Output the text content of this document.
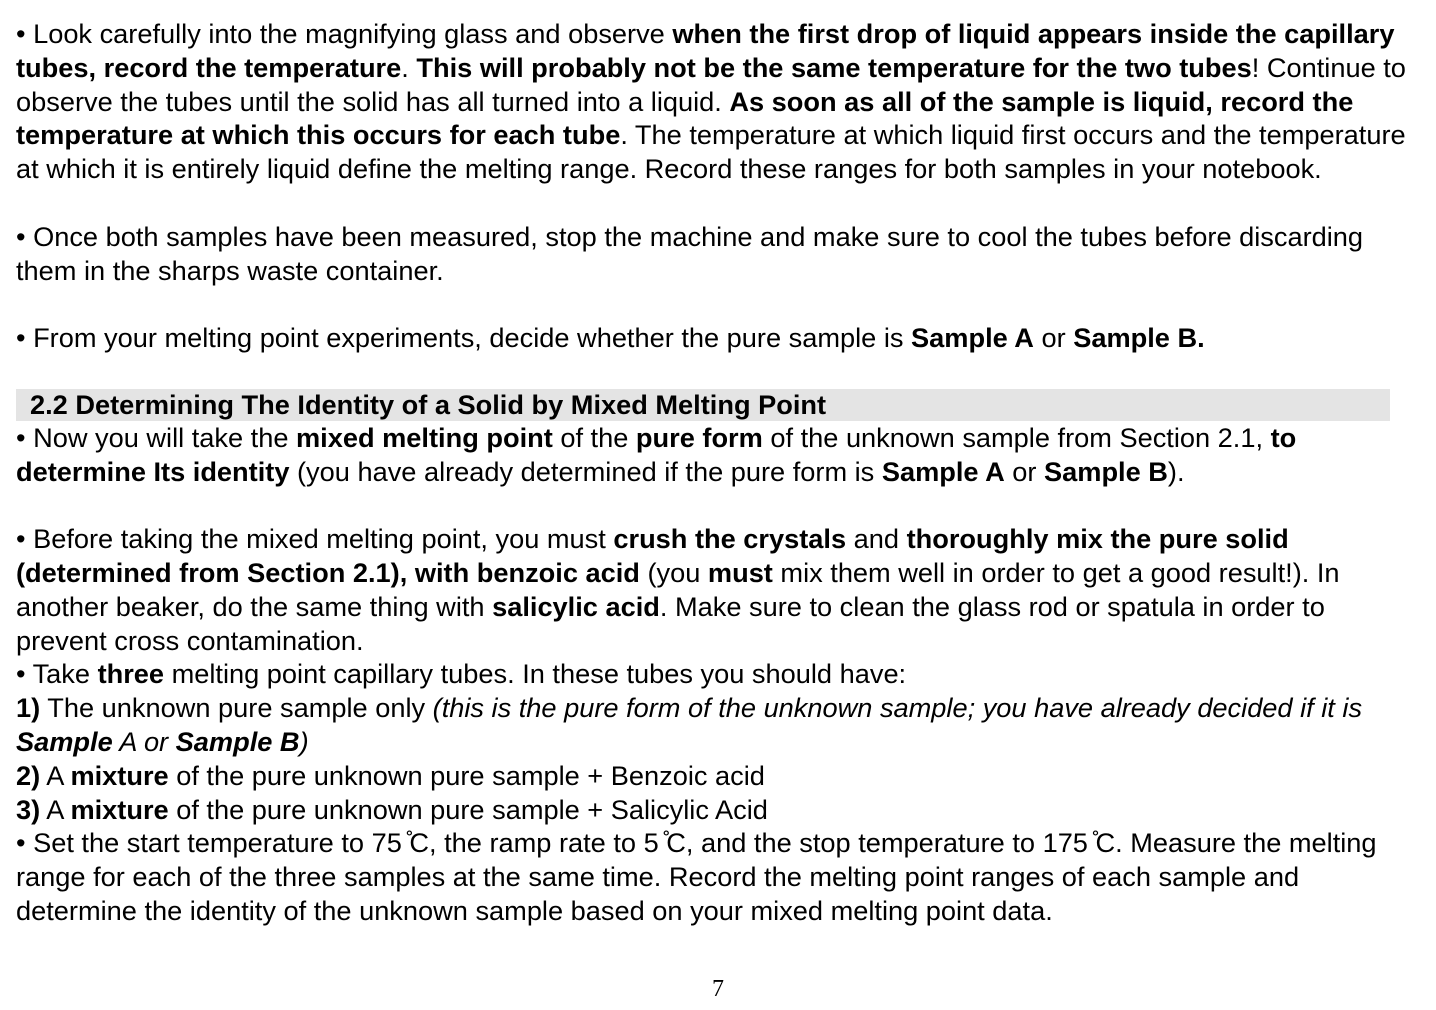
• Look carefully into the magnifying glass and observe when the first drop of liquid appears inside the capillary tubes, record the temperature. This will probably not be the same temperature for the two tubes! Continue to observe the tubes until the solid has all turned into a liquid. As soon as all of the sample is liquid, record the temperature at which this occurs for each tube. The temperature at which liquid first occurs and the temperature at which it is entirely liquid define the melting range. Record these ranges for both samples in your notebook.

• Once both samples have been measured, stop the machine and make sure to cool the tubes before discarding them in the sharps waste container.

• From your melting point experiments, decide whether the pure sample is Sample A or Sample B.

2.2 Determining The Identity of a Solid by Mixed Melting Point

• Now you will take the mixed melting point of the pure form of the unknown sample from Section 2.1, to determine Its identity (you have already determined if the pure form is Sample A or Sample B).

• Before taking the mixed melting point, you must crush the crystals and thoroughly mix the pure solid (determined from Section 2.1), with benzoic acid (you must mix them well in order to get a good result!). In another beaker, do the same thing with salicylic acid. Make sure to clean the glass rod or spatula in order to prevent cross contamination.

• Take three melting point capillary tubes. In these tubes you should have:

1) The unknown pure sample only (this is the pure form of the unknown sample; you have already decided if it is Sample A or Sample B)

2) A mixture of the pure unknown pure sample + Benzoic acid

3) A mixture of the pure unknown pure sample + Salicylic Acid

• Set the start temperature to 75 ̊C, the ramp rate to 5 ̊C, and the stop temperature to 175 ̊C. Measure the melting range for each of the three samples at the same time. Record the melting point ranges of each sample and determine the identity of the unknown sample based on your mixed melting point data.

7
